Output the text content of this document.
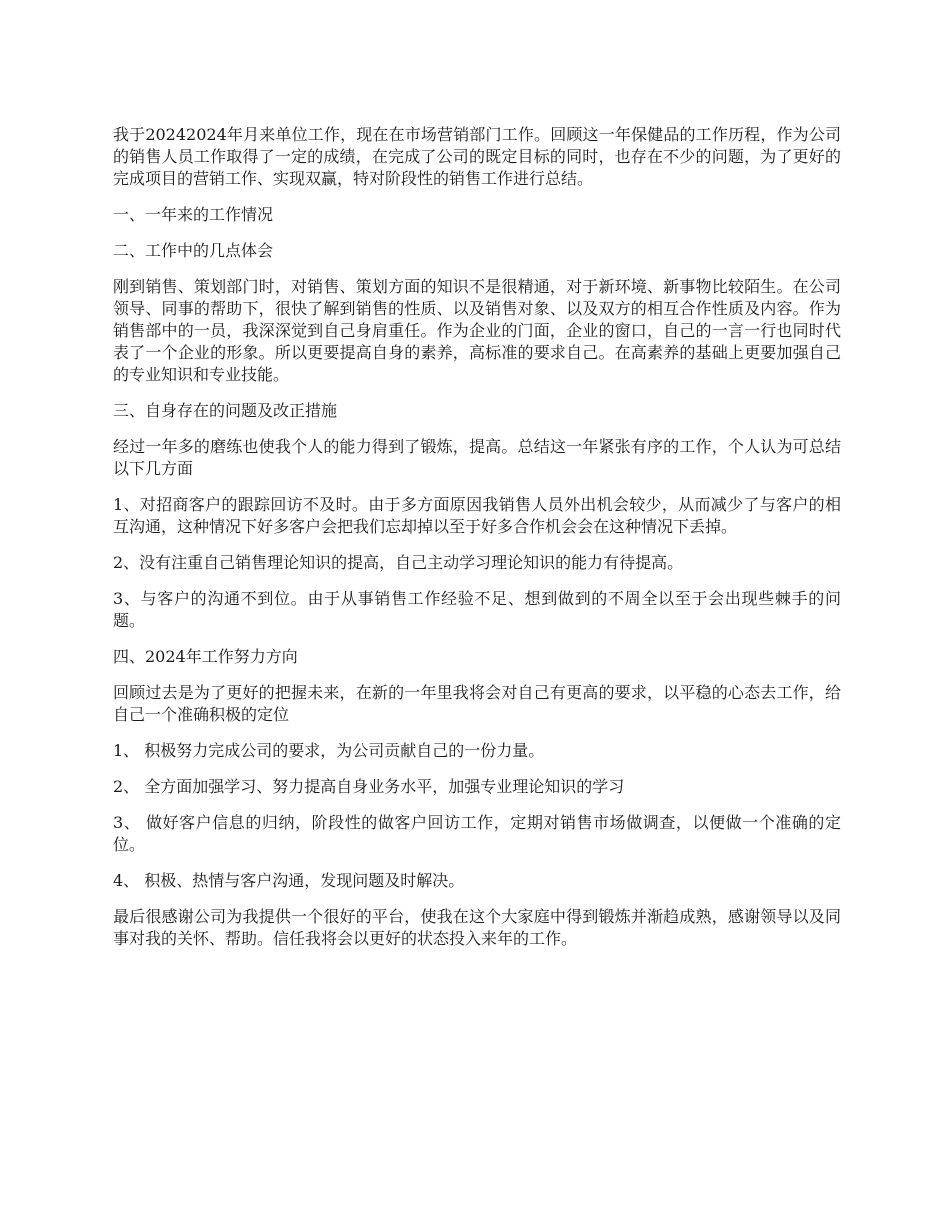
我于20242024年月来单位工作，现在在市场营销部门工作。回顾这一年保健品的工作历程，作为公司的销售人员工作取得了一定的成绩，在完成了公司的既定目标的同时，也存在不少的问题，为了更好的完成项目的营销工作、实现双赢，特对阶段性的销售工作进行总结。

一、一年来的工作情况

二、工作中的几点体会

刚到销售、策划部门时，对销售、策划方面的知识不是很精通，对于新环境、新事物比较陌生。在公司领导、同事的帮助下，很快了解到销售的性质、以及销售对象、以及双方的相互合作性质及内容。作为销售部中的一员，我深深觉到自己身肩重任。作为企业的门面，企业的窗口，自己的一言一行也同时代表了一个企业的形象。所以更要提高自身的素养，高标准的要求自己。在高素养的基础上更要加强自己的专业知识和专业技能。

三、自身存在的问题及改正措施

经过一年多的磨练也使我个人的能力得到了锻炼，提高。总结这一年紧张有序的工作，个人认为可总结以下几方面

1、对招商客户的跟踪回访不及时。由于多方面原因我销售人员外出机会较少，从而减少了与客户的相互沟通，这种情况下好多客户会把我们忘却掉以至于好多合作机会会在这种情况下丢掉。

2、没有注重自己销售理论知识的提高，自己主动学习理论知识的能力有待提高。

3、与客户的沟通不到位。由于从事销售工作经验不足、想到做到的不周全以至于会出现些棘手的问题。

四、2024年工作努力方向

回顾过去是为了更好的把握未来，在新的一年里我将会对自己有更高的要求，以平稳的心态去工作，给自己一个准确积极的定位

1、 积极努力完成公司的要求，为公司贡献自己的一份力量。

2、 全方面加强学习、努力提高自身业务水平，加强专业理论知识的学习

3、 做好客户信息的归纳，阶段性的做客户回访工作，定期对销售市场做调查，以便做一个准确的定位。

4、 积极、热情与客户沟通，发现问题及时解决。

最后很感谢公司为我提供一个很好的平台，使我在这个大家庭中得到锻炼并渐趋成熟，感谢领导以及同事对我的关怀、帮助。信任我将会以更好的状态投入来年的工作。
